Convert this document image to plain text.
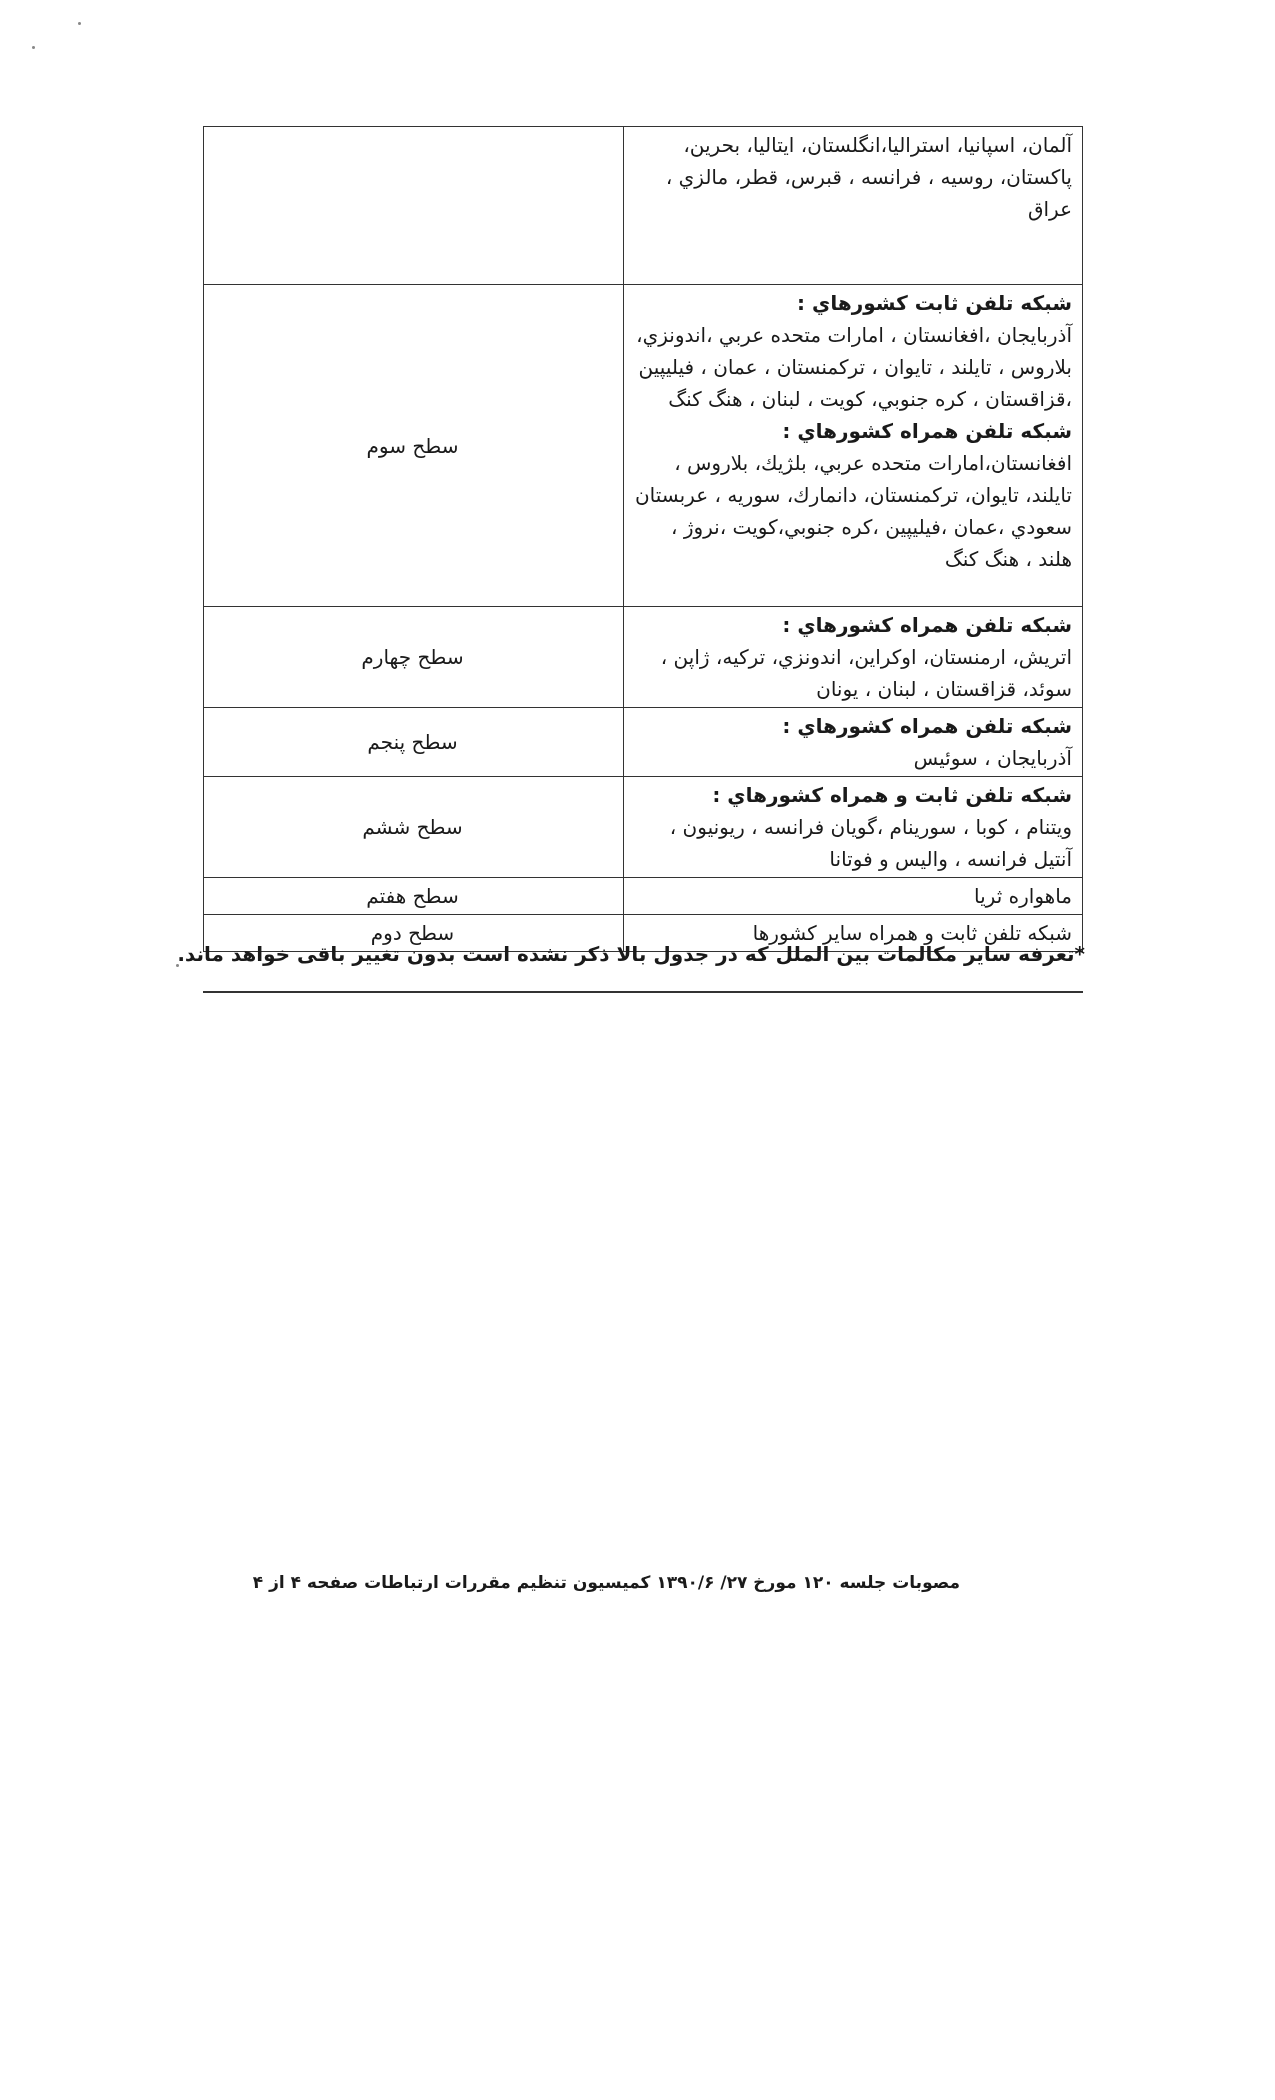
آلمان، اسپانیا، استرالیا،انگلستان، ایتالیا، بحرین، پاکستان، روسیه ، فرانسه ، قبرس، قطر، مالزي ، عراق	

شبکه تلفن ثابت کشورهاي :
آذربایجان ،افغانستان ، امارات متحده عربي ،اندونزي، بلاروس ، تایلند ، تایوان ، ترکمنستان ، عمان ، فیلیپین ،قزاقستان ، کره جنوبي، کویت ، لبنان ، هنگ کنگ
شبکه تلفن همراه کشورهاي :
افغانستان،امارات متحده عربي، بلژیك، بلاروس ، تایلند، تایوان، ترکمنستان، دانمارك، سوریه ، عربستان سعودي ،عمان ،فیلیپین ،کره جنوبي،کویت ،نروژ ، هلند ، هنگ کنگ	سطح سوم

شبکه تلفن همراه کشورهاي :
اتریش، ارمنستان، اوکراین، اندونزي، ترکیه، ژاپن ، سوئد، قزاقستان ، لبنان ، یونان	سطح چهارم

شبکه تلفن همراه کشورهاي :
آذربایجان ، سوئیس	سطح پنجم

شبکه تلفن ثابت و همراه کشورهاي :
ویتنام ، کوبا ، سورینام ،گویان فرانسه ، ریونیون ، آنتیل فرانسه ، والیس و فوتانا	سطح ششم

ماهواره ثریا	سطح هفتم

شبکه تلفن ثابت و همراه سایر کشورها	سطح دوم
*تعرفه سایر مکالمات بین الملل که در جدول بالا ذکر نشده است بدون تغییر باقی خواهد ماند.
مصوبات جلسه ۱۲۰ مورخ ۲۷/ ۱۳۹۰/۶ کمیسیون تنظیم مقررات ارتباطات صفحه ۴ از ۴
